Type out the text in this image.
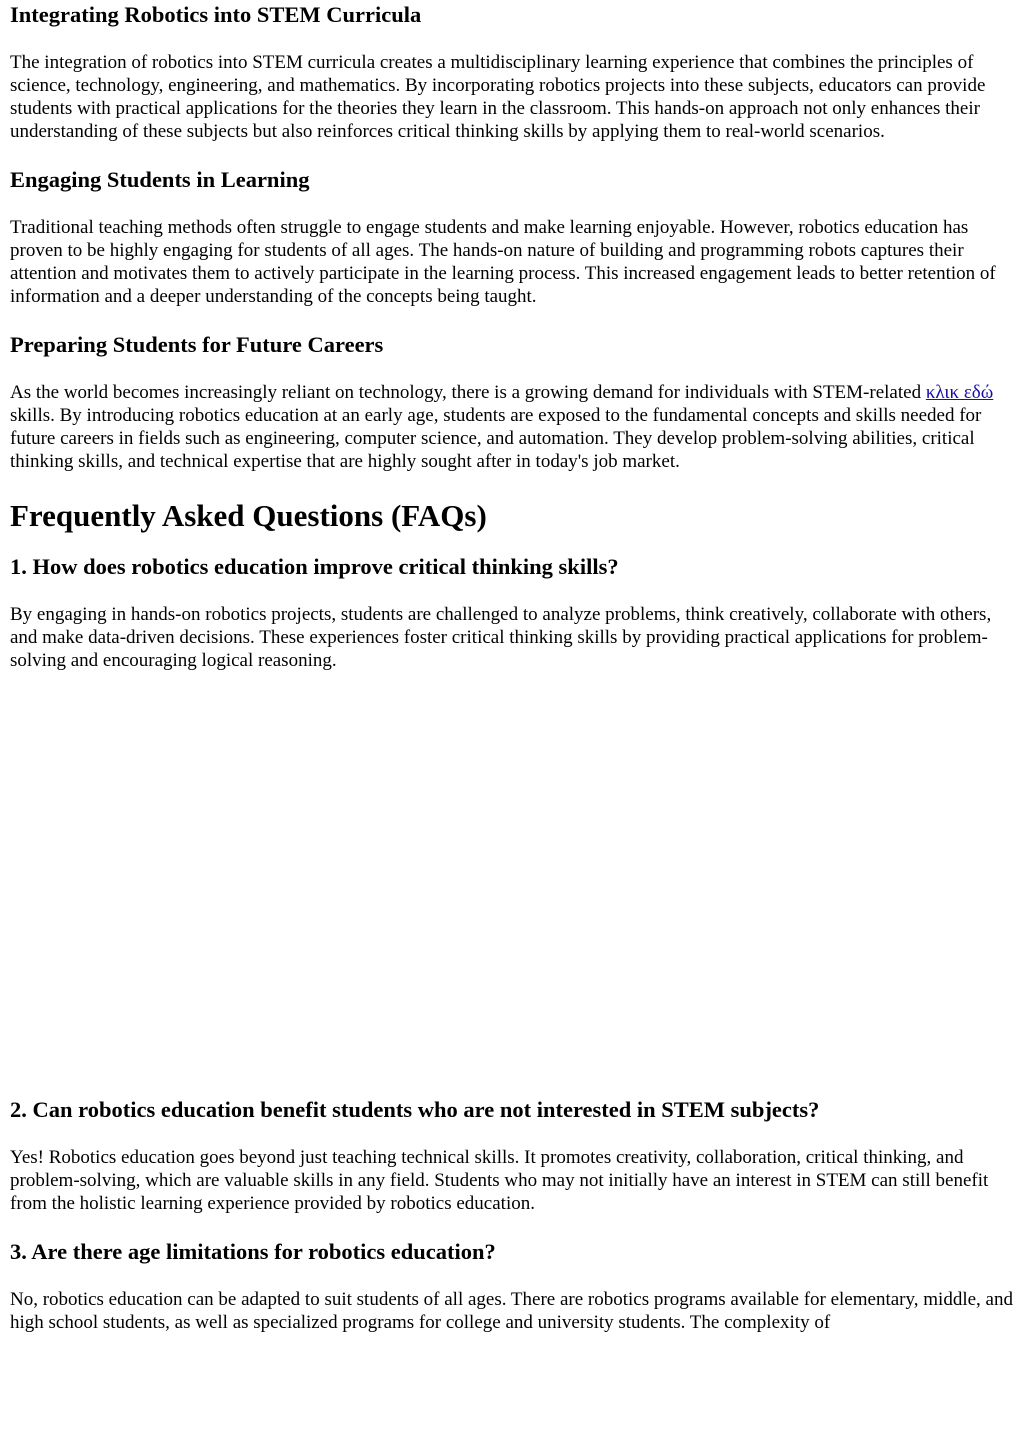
Integrating Robotics into STEM Curricula

The integration of robotics into STEM curricula creates a multidisciplinary learning experience that combines the principles of science, technology, engineering, and mathematics. By incorporating robotics projects into these subjects, educators can provide students with practical applications for the theories they learn in the classroom. This hands-on approach not only enhances their understanding of these subjects but also reinforces critical thinking skills by applying them to real-world scenarios.

Engaging Students in Learning

Traditional teaching methods often struggle to engage students and make learning enjoyable. However, robotics education has proven to be highly engaging for students of all ages. The hands-on nature of building and programming robots captures their attention and motivates them to actively participate in the learning process. This increased engagement leads to better retention of information and a deeper understanding of the concepts being taught.

Preparing Students for Future Careers

As the world becomes increasingly reliant on technology, there is a growing demand for individuals with STEM-related κλικ εδώ skills. By introducing robotics education at an early age, students are exposed to the fundamental concepts and skills needed for future careers in fields such as engineering, computer science, and automation. They develop problem-solving abilities, critical thinking skills, and technical expertise that are highly sought after in today's job market.

Frequently Asked Questions (FAQs)
1. How does robotics education improve critical thinking skills?

By engaging in hands-on robotics projects, students are challenged to analyze problems, think creatively, collaborate with others, and make data-driven decisions. These experiences foster critical thinking skills by providing practical applications for problem-solving and encouraging logical reasoning.

2. Can robotics education benefit students who are not interested in STEM subjects?

Yes! Robotics education goes beyond just teaching technical skills. It promotes creativity, collaboration, critical thinking, and problem-solving, which are valuable skills in any field. Students who may not initially have an interest in STEM can still benefit from the holistic learning experience provided by robotics education.

3. Are there age limitations for robotics education?

No, robotics education can be adapted to suit students of all ages. There are robotics programs available for elementary, middle, and high school students, as well as specialized programs for college and university students. The complexity of
